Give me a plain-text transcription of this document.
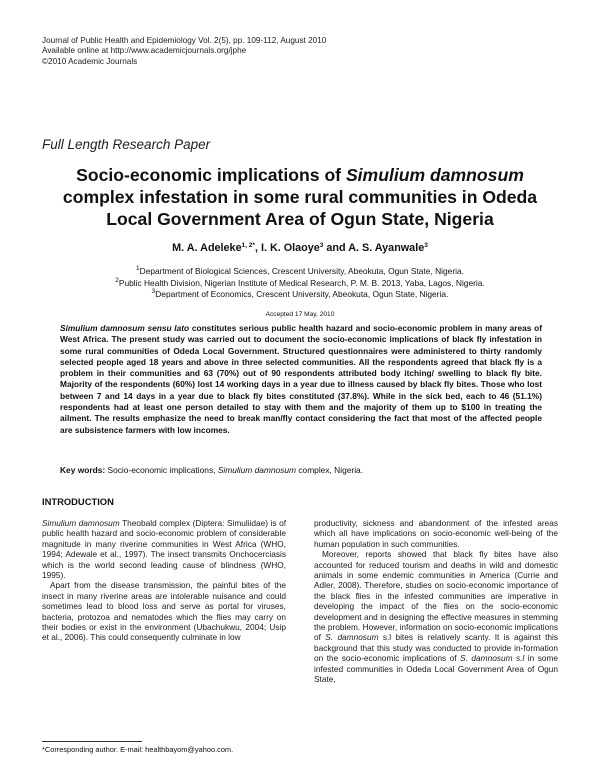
Journal of Public Health and Epidemiology Vol. 2(5), pp. 109-112, August 2010
Available online at http://www.academicjournals.org/jphe
©2010 Academic Journals
Full Length Research Paper
Socio-economic implications of Simulium damnosum complex infestation in some rural communities in Odeda Local Government Area of Ogun State, Nigeria
M. A. Adeleke$^{1, 2*}$, I. K. Olaoye$^3$ and A. S. Ayanwale$^3$
$^1$Department of Biological Sciences, Crescent University, Abeokuta, Ogun State, Nigeria.
$^2$Public Health Division, Nigerian Institute of Medical Research, P. M. B. 2013, Yaba, Lagos, Nigeria.
$^3$Department of Economics, Crescent University, Abeokuta, Ogun State, Nigeria.
Accepted 17 May, 2010
Simulium damnosum sensu lato constitutes serious public health hazard and socio-economic problem in many areas of West Africa. The present study was carried out to document the socio-economic implications of black fly infestation in some rural communities of Odeda Local Government. Structured questionnaires were administered to thirty randomly selected people aged 18 years and above in three selected communities. All the respondents agreed that black fly is a problem in their communities and 63 (70%) out of 90 respondents attributed body itching/ swelling to black fly bite. Majority of the respondents (60%) lost 14 working days in a year due to illness caused by black fly bites. Those who lost between 7 and 14 days in a year due to black fly bites constituted (37.8%). While in the sick bed, each to 46 (51.1%) respondents had at least one person detailed to stay with them and the majority of them up to $100 in treating the ailment. The results emphasize the need to break man/fly contact considering the fact that most of the affected people are subsistence farmers with low incomes.
Key words: Socio-economic implications, Simulium damnosum complex, Nigeria.
INTRODUCTION

Simulium damnosum Theobald complex (Diptera: Simuliidae) is of public health hazard and socio-economic problem of considerable magnitude in many riverine communities in West Africa (WHO, 1994; Adewale et al., 1997). The insect transmits Onchocerciasis which is the world second leading cause of blindness (WHO, 1995).

Apart from the disease transmission, the painful bites of the insect in many riverine areas are intolerable nuisance and could sometimes lead to blood loss and serve as portal for viruses, bacteria, protozoa and nematodes which the flies may carry on their bodies or exist in the environment (Ubachukwu, 2004; Usip et al., 2006). This could consequently culminate in low

productivity, sickness and abandonment of the infested areas which all have implications on socio-economic well-being of the human population in such communities.

Moreover, reports showed that black fly bites have also accounted for reduced tourism and deaths in wild and domestic animals in some endemic communities in America (Currie and Adler, 2008). Therefore, studies on socio-economic importance of the black flies in the infested communities are imperative in developing the impact of the flies on the socio-economic development and in designing the effective measures in stemming the problem. However, information on socio-economic implications of S. damnosum s.l bites is relatively scanty. It is against this background that this study was conducted to provide in-formation on the socio-economic implications of S. damnosum s.l in some infested communities in Odeda Local Government Area of Ogun State,

*Corresponding author. E-mail: healthbayom@yahoo.com.
